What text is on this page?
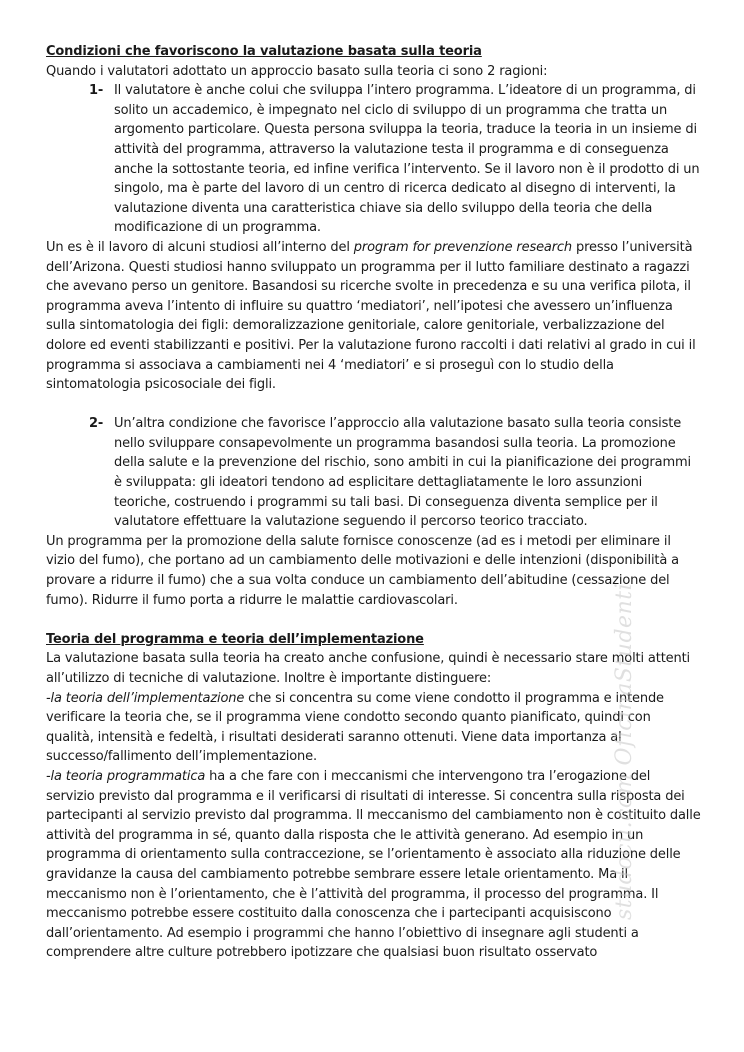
Condizioni che favoriscono la valutazione basata sulla teoria

Quando i valutatori adottato un approccio basato sulla teoria ci sono 2 ragioni:

1- Il valutatore è anche colui che sviluppa l’intero programma. L’ideatore di un programma, di solito un accademico, è impegnato nel ciclo di sviluppo di un programma che tratta un argomento particolare. Questa persona sviluppa la teoria, traduce la teoria in un insieme di attività del programma, attraverso la valutazione testa il programma e di conseguenza anche la sottostante teoria, ed infine verifica l’intervento. Se il lavoro non è il prodotto di un singolo, ma è parte del lavoro di un centro di ricerca dedicato al disegno di interventi, la valutazione diventa una caratteristica chiave sia dello sviluppo della teoria che della modificazione di un programma.

Un es è il lavoro di alcuni studiosi all’interno del program for prevenzione research presso l’università dell’Arizona. Questi studiosi hanno sviluppato un programma per il lutto familiare destinato a ragazzi che avevano perso un genitore. Basandosi su ricerche svolte in precedenza e su una verifica pilota, il programma aveva l’intento di influire su quattro ‘mediatori’, nell’ipotesi che avessero un’influenza sulla sintomatologia dei figli: demoralizzazione genitoriale, calore genitoriale, verbalizzazione del dolore ed eventi stabilizzanti e positivi. Per la valutazione furono raccolti i dati relativi al grado in cui il programma si associava a cambiamenti nei 4 ‘mediatori’ e si proseguì con lo studio della sintomatologia psicosociale dei figli.

2- Un’altra condizione che favorisce l’approccio alla valutazione basato sulla teoria consiste nello sviluppare consapevolmente un programma basandosi sulla teoria. La promozione della salute e la prevenzione del rischio, sono ambiti in cui la pianificazione dei programmi è sviluppata: gli ideatori tendono ad esplicitare dettagliatamente le loro assunzioni teoriche, costruendo i programmi su tali basi. Di conseguenza diventa semplice per il valutatore effettuare la valutazione seguendo il percorso teorico tracciato.

Un programma per la promozione della salute fornisce conoscenze (ad es i metodi per eliminare il vizio del fumo), che portano ad un cambiamento delle motivazioni e delle intenzioni (disponibilità a provare a ridurre il fumo) che a sua volta conduce un cambiamento dell’abitudine (cessazione del fumo). Ridurre il fumo porta a ridurre le malattie cardiovascolari.

Teoria del programma e teoria dell’implementazione

La valutazione basata sulla teoria ha creato anche confusione, quindi è necessario stare molti attenti all’utilizzo di tecniche di valutazione. Inoltre è importante distinguere:

-la teoria dell’implementazione che si concentra su come viene condotto il programma e intende verificare la teoria che, se il programma viene condotto secondo quanto pianificato, quindi con qualità, intensità e fedeltà, i risultati desiderati saranno ottenuti. Viene data importanza al successo/fallimento dell’implementazione.

-la teoria programmatica ha a che fare con i meccanismi che intervengono tra l’erogazione del servizio previsto dal programma e il verificarsi di risultati di interesse. Si concentra sulla risposta dei partecipanti al servizio previsto dal programma. Il meccanismo del cambiamento non è costituito dalle attività del programma in sé, quanto dalla risposta che le attività generano. Ad esempio in un programma di orientamento sulla contraccezione, se l’orientamento è associato alla riduzione delle gravidanze la causa del cambiamento potrebbe sembrare essere letale orientamento. Ma il meccanismo non è l’orientamento, che è l’attività del programma, il processo del programma. Il meccanismo potrebbe essere costituito dalla conoscenza che i partecipanti acquisiscono dall’orientamento. Ad esempio i programmi che hanno l’obiettivo di insegnare agli studenti a comprendere altre culture potrebbero ipotizzare che qualsiasi buon risultato osservato

studocu.com OficinaStudenti
